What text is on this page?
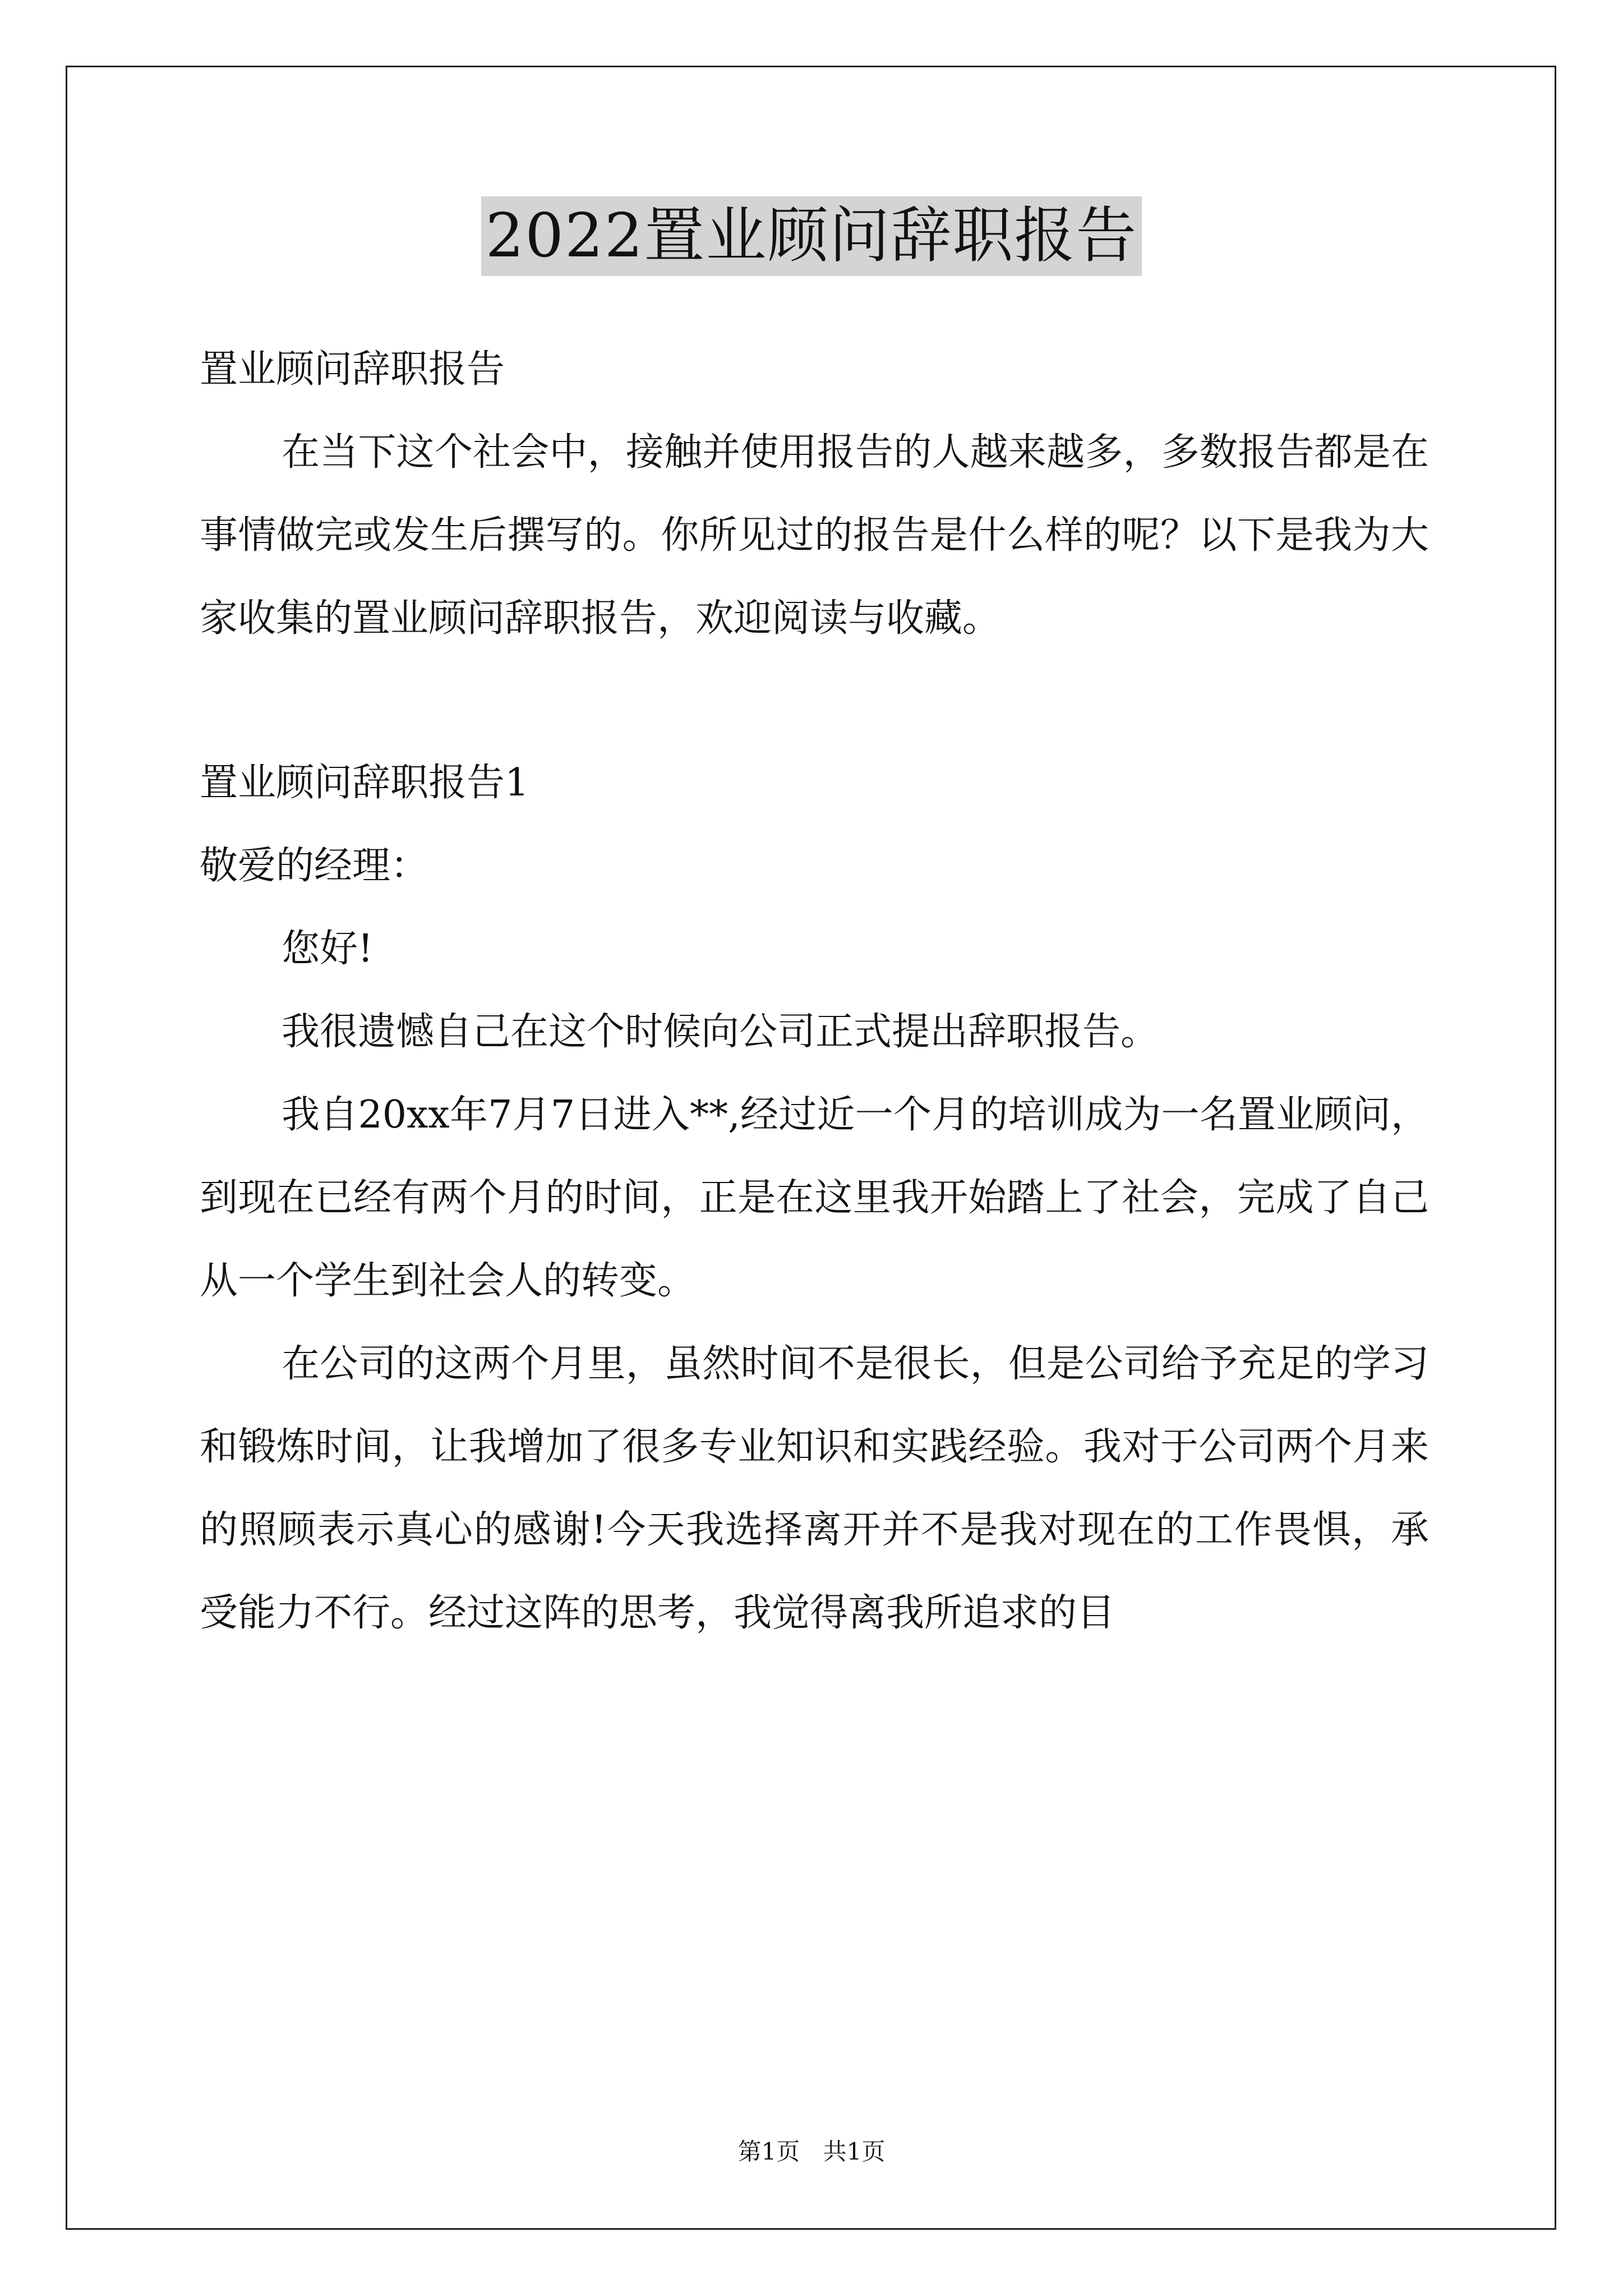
2022置业顾问辞职报告

置业顾问辞职报告

在当下这个社会中，接触并使用报告的人越来越多，多数报告都是在事情做完或发生后撰写的。你所见过的报告是什么样的呢？以下是我为大家收集的置业顾问辞职报告，欢迎阅读与收藏。

置业顾问辞职报告1

敬爱的经理：

您好!

我很遗憾自己在这个时候向公司正式提出辞职报告。

我自20xx年7月7日进入**,经过近一个月的培训成为一名置业顾问，到现在已经有两个月的时间，正是在这里我开始踏上了社会，完成了自己从一个学生到社会人的转变。

在公司的这两个月里，虽然时间不是很长，但是公司给予充足的学习和锻炼时间，让我增加了很多专业知识和实践经验。我对于公司两个月来的照顾表示真心的感谢!今天我选择离开并不是我对现在的工作畏惧，承受能力不行。经过这阵的思考，我觉得离我所追求的目

第1页 共1页
